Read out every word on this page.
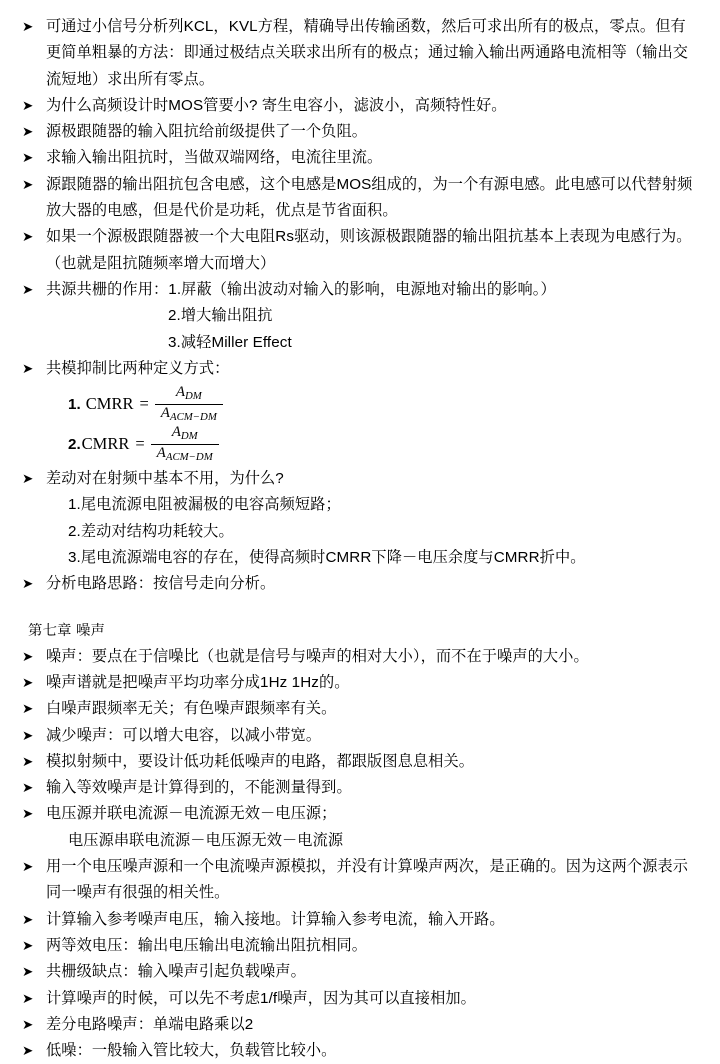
➤ 可通过小信号分析列KCL，KVL方程，精确导出传输函数，然后可求出所有的极点，零点。但有更简单粗暴的方法：即通过极结点关联求出所有的极点；通过输入输出两通路电流相等（输出交流短地）求出所有零点。
➤ 为什么高频设计时MOS管要小? 寄生电容小，滤波小，高频特性好。
➤ 源极跟随器的输入阻抗给前级提供了一个负阻。
➤ 求输入输出阻抗时，当做双端网络，电流往里流。
➤ 源跟随器的输出阻抗包含电感，这个电感是MOS组成的，为一个有源电感。此电感可以代替射频放大器的电感，但是代价是功耗，优点是节省面积。
➤ 如果一个源极跟随器被一个大电阻Rs驱动，则该源极跟随器的输出阻抗基本上表现为电感行为。（也就是阻抗随频率增大而增大）
➤ 共源共栅的作用：1.屏蔽（输出波动对输入的影响，电源地对输出的影响。）
2.增大输出阻抗
3.减轻Miller Effect
➤ 共模抑制比两种定义方式：
1. CMRR = $\frac{A_{DM}}{A_{ACM-DM}}$
2. CMRR = $\frac{A_{DM}}{A_{ACM-DM}}$
➤ 差动对在射频中基本不用，为什么?
1.尾电流源电阻被漏极的电容高频短路；
2.差动对结构功耗较大。
3.尾电流源端电容的存在，使得高频时CMRR下降－电压余度与CMRR折中。
➤ 分析电路思路：按信号走向分析。
第七章 噪声
➤ 噪声：要点在于信噪比（也就是信号与噪声的相对大小），而不在于噪声的大小。
➤ 噪声谱就是把噪声平均功率分成1Hz 1Hz的。
➤ 白噪声跟频率无关；有色噪声跟频率有关。
➤ 减少噪声：可以增大电容，以减小带宽。
➤ 模拟射频中，要设计低功耗低噪声的电路，都跟版图息息相关。
➤ 输入等效噪声是计算得到的，不能测量得到。
➤ 电压源并联电流源－电流源无效－电压源；
电压源串联电流源－电压源无效－电流源
➤ 用一个电压噪声源和一个电流噪声源模拟，并没有计算噪声两次，是正确的。因为这两个源表示同一噪声有很强的相关性。
➤ 计算输入参考噪声电压，输入接地。计算输入参考电流，输入开路。
➤ 两等效电压：输出电压输出电流输出阻抗相同。
➤ 共栅级缺点：输入噪声引起负载噪声。
➤ 计算噪声的时候，可以先不考虑1/f噪声，因为其可以直接相加。
➤ 差分电路噪声：单端电路乘以2
➤ 低噪：一般输入管比较大，负载管比较小。
